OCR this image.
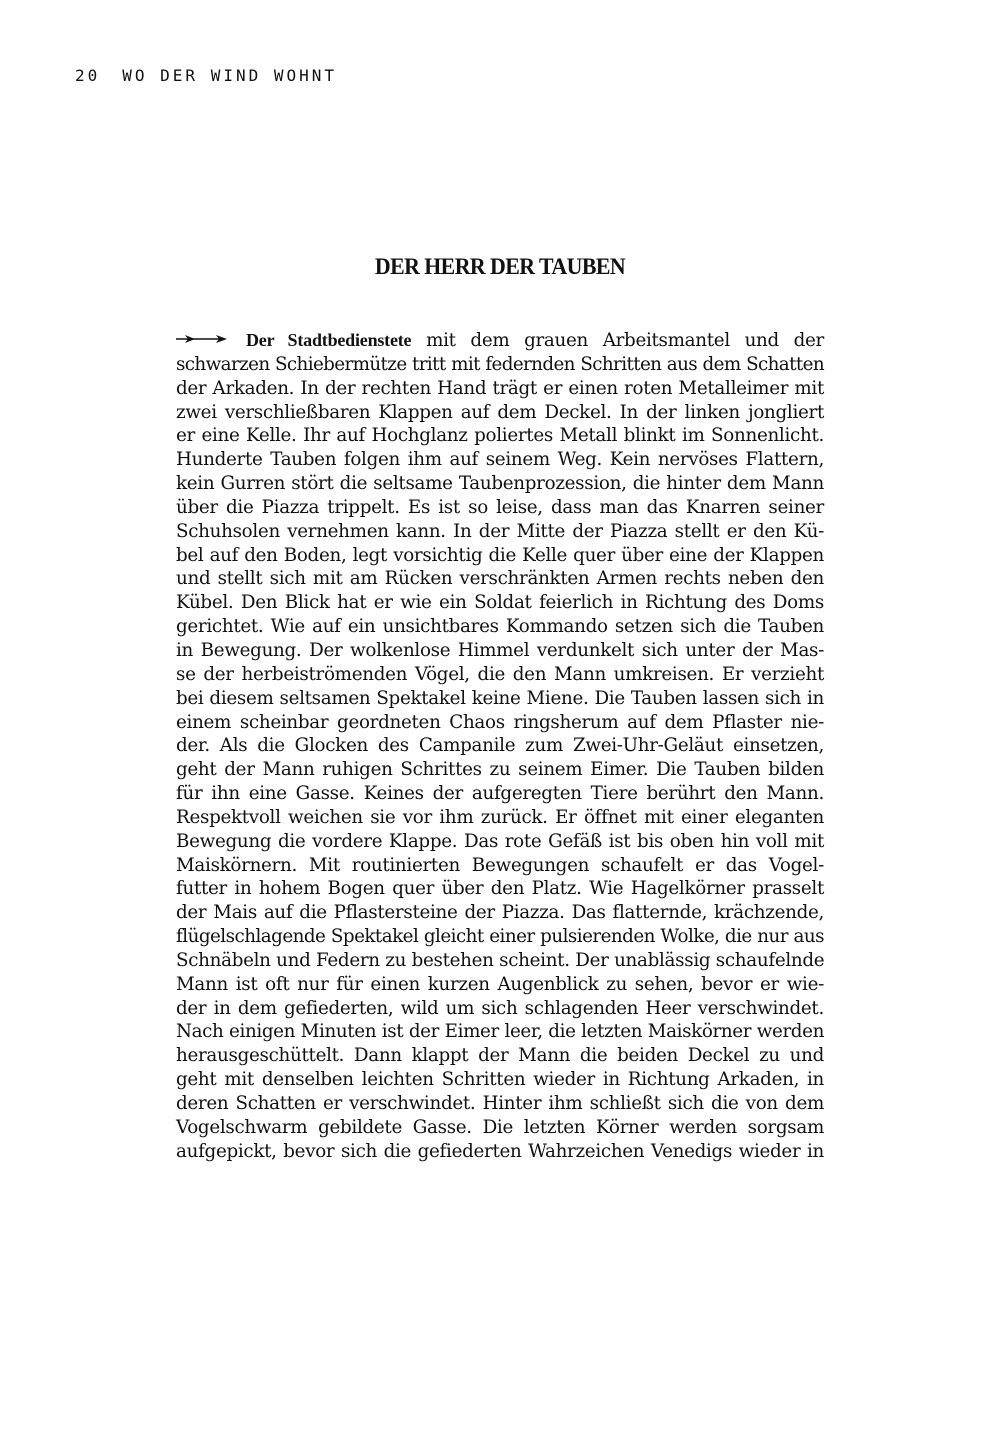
20 WO DER WIND WOHNT
DER HERR DER TAUBEN
Der Stadtbedienstete mit dem grauen Arbeitsmantel und der
schwarzen Schiebermütze tritt mit federnden Schritten aus dem Schatten
der Arkaden. In der rechten Hand trägt er einen roten Metalleimer mit
zwei verschließbaren Klappen auf dem Deckel. In der linken jongliert
er eine Kelle. Ihr auf Hochglanz poliertes Metall blinkt im Sonnenlicht.
Hunderte Tauben folgen ihm auf seinem Weg. Kein nervöses Flattern,
kein Gurren stört die seltsame Taubenprozession, die hinter dem Mann
über die Piazza trippelt. Es ist so leise, dass man das Knarren seiner
Schuhsolen vernehmen kann. In der Mitte der Piazza stellt er den Kü-
bel auf den Boden, legt vorsichtig die Kelle quer über eine der Klappen
und stellt sich mit am Rücken verschränkten Armen rechts neben den
Kübel. Den Blick hat er wie ein Soldat feierlich in Richtung des Doms
gerichtet. Wie auf ein unsichtbares Kommando setzen sich die Tauben
in Bewegung. Der wolkenlose Himmel verdunkelt sich unter der Mas-
se der herbeiströmenden Vögel, die den Mann umkreisen. Er verzieht
bei diesem seltsamen Spektakel keine Miene. Die Tauben lassen sich in
einem scheinbar geordneten Chaos ringsherum auf dem Pflaster nie-
der. Als die Glocken des Campanile zum Zwei-Uhr-Geläut einsetzen,
geht der Mann ruhigen Schrittes zu seinem Eimer. Die Tauben bilden
für ihn eine Gasse. Keines der aufgeregten Tiere berührt den Mann.
Respektvoll weichen sie vor ihm zurück. Er öffnet mit einer eleganten
Bewegung die vordere Klappe. Das rote Gefäß ist bis oben hin voll mit
Maiskörnern. Mit routinierten Bewegungen schaufelt er das Vogel-
futter in hohem Bogen quer über den Platz. Wie Hagelkörner prasselt
der Mais auf die Pflastersteine der Piazza. Das flatternde, krächzende,
flügelschlagende Spektakel gleicht einer pulsierenden Wolke, die nur aus
Schnäbeln und Federn zu bestehen scheint. Der unablässig schaufelnde
Mann ist oft nur für einen kurzen Augenblick zu sehen, bevor er wie-
der in dem gefiederten, wild um sich schlagenden Heer verschwindet.
Nach einigen Minuten ist der Eimer leer, die letzten Maiskörner werden
herausgeschüttelt. Dann klappt der Mann die beiden Deckel zu und
geht mit denselben leichten Schritten wieder in Richtung Arkaden, in
deren Schatten er verschwindet. Hinter ihm schließt sich die von dem
Vogelschwarm gebildete Gasse. Die letzten Körner werden sorgsam
aufgepickt, bevor sich die gefiederten Wahrzeichen Venedigs wieder in
